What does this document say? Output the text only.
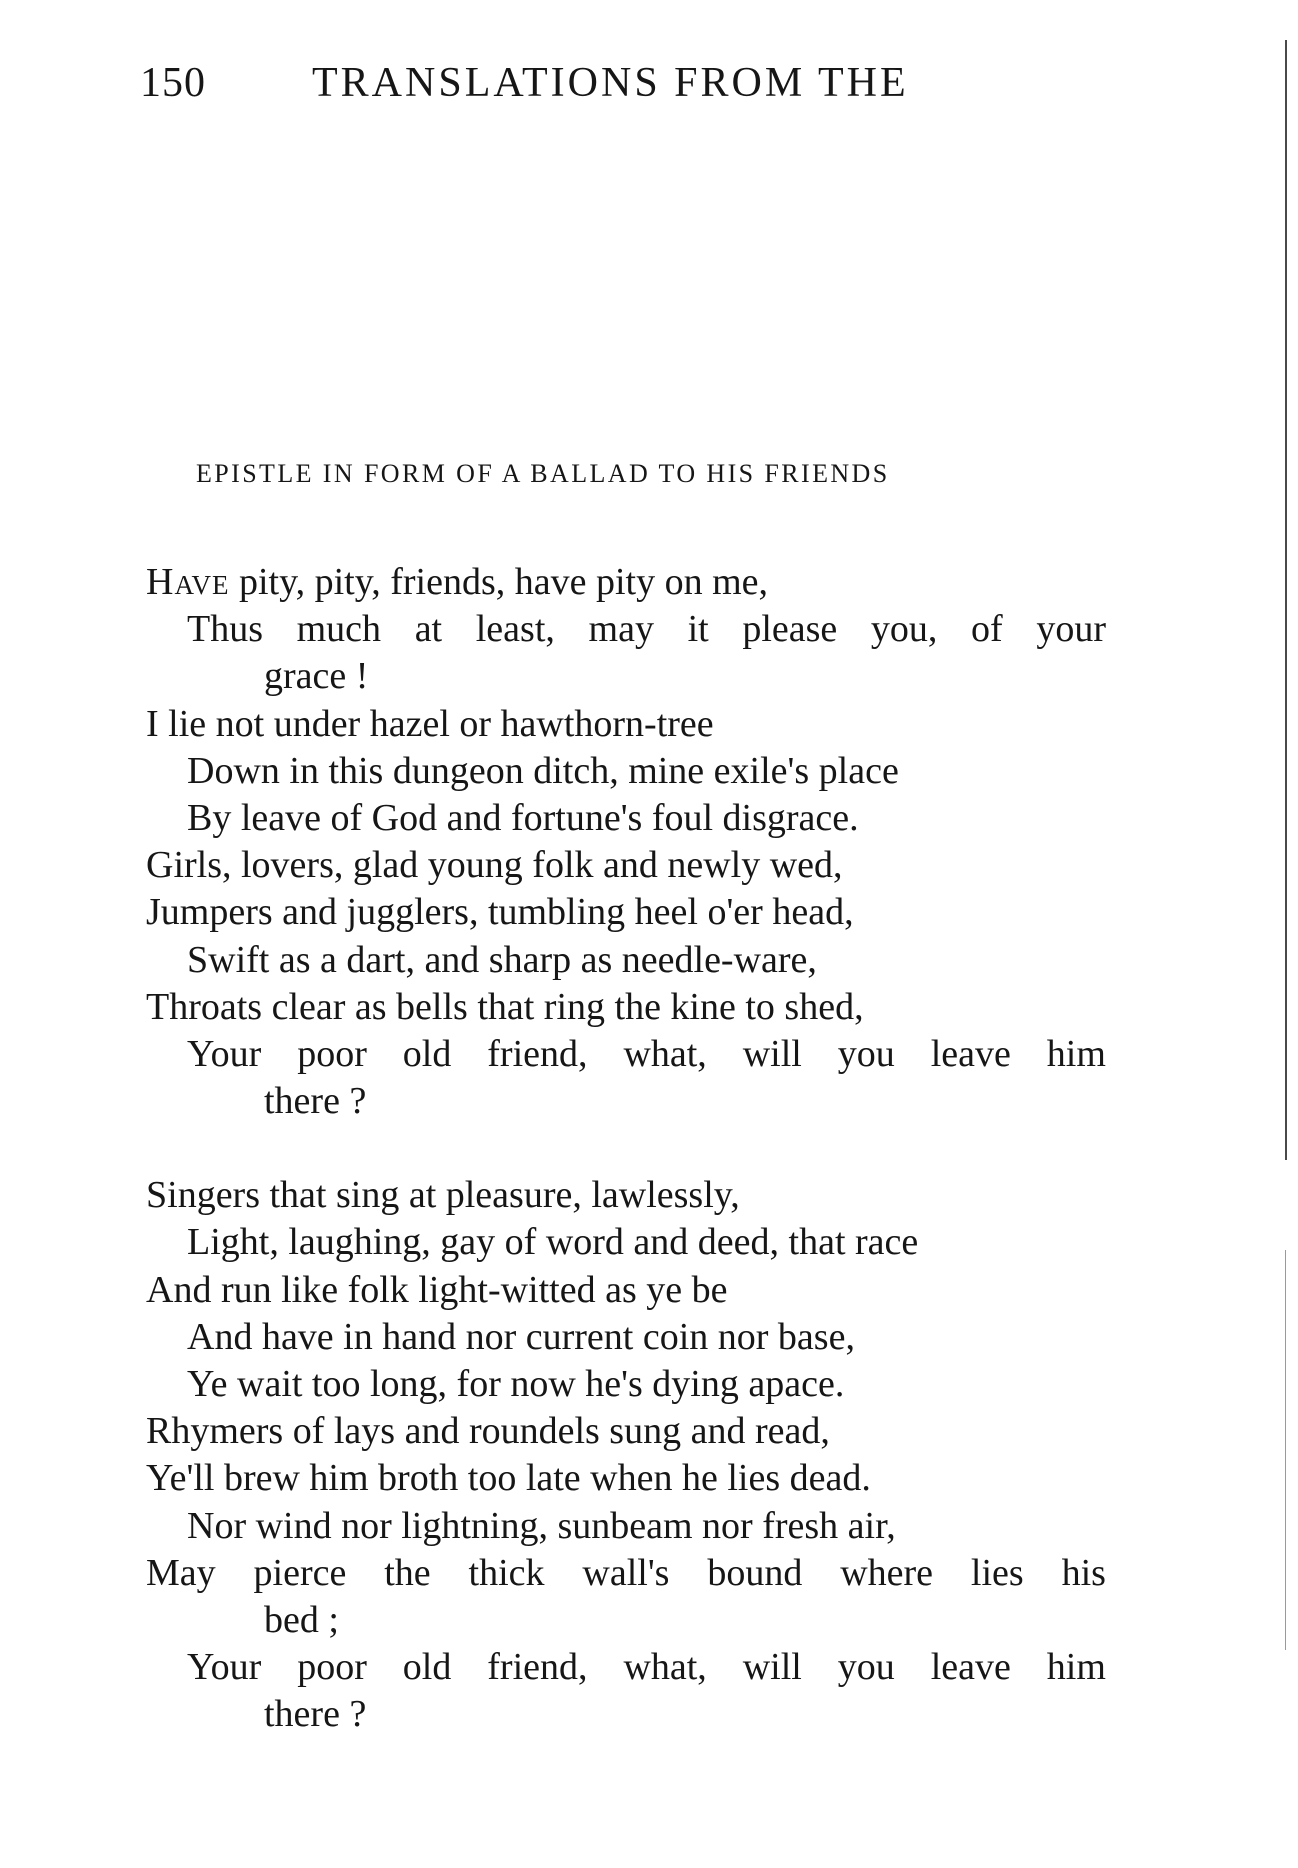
150	TRANSLATIONS FROM THE
EPISTLE IN FORM OF A BALLAD TO HIS FRIENDS
Have pity, pity, friends, have pity on me,
Thus much at least, may it please you, of your
grace !
I lie not under hazel or hawthorn-tree
Down in this dungeon ditch, mine exile's place
By leave of God and fortune's foul disgrace.
Girls, lovers, glad young folk and newly wed,
Jumpers and jugglers, tumbling heel o'er head,
Swift as a dart, and sharp as needle-ware,
Throats clear as bells that ring the kine to shed,
Your poor old friend, what, will you leave him
there ?
Singers that sing at pleasure, lawlessly,
Light, laughing, gay of word and deed, that race
And run like folk light-witted as ye be
And have in hand nor current coin nor base,
Ye wait too long, for now he's dying apace.
Rhymers of lays and roundels sung and read,
Ye'll brew him broth too late when he lies dead.
Nor wind nor lightning, sunbeam nor fresh air,
May pierce the thick wall's bound where lies his
bed ;
Your poor old friend, what, will you leave him
there ?
